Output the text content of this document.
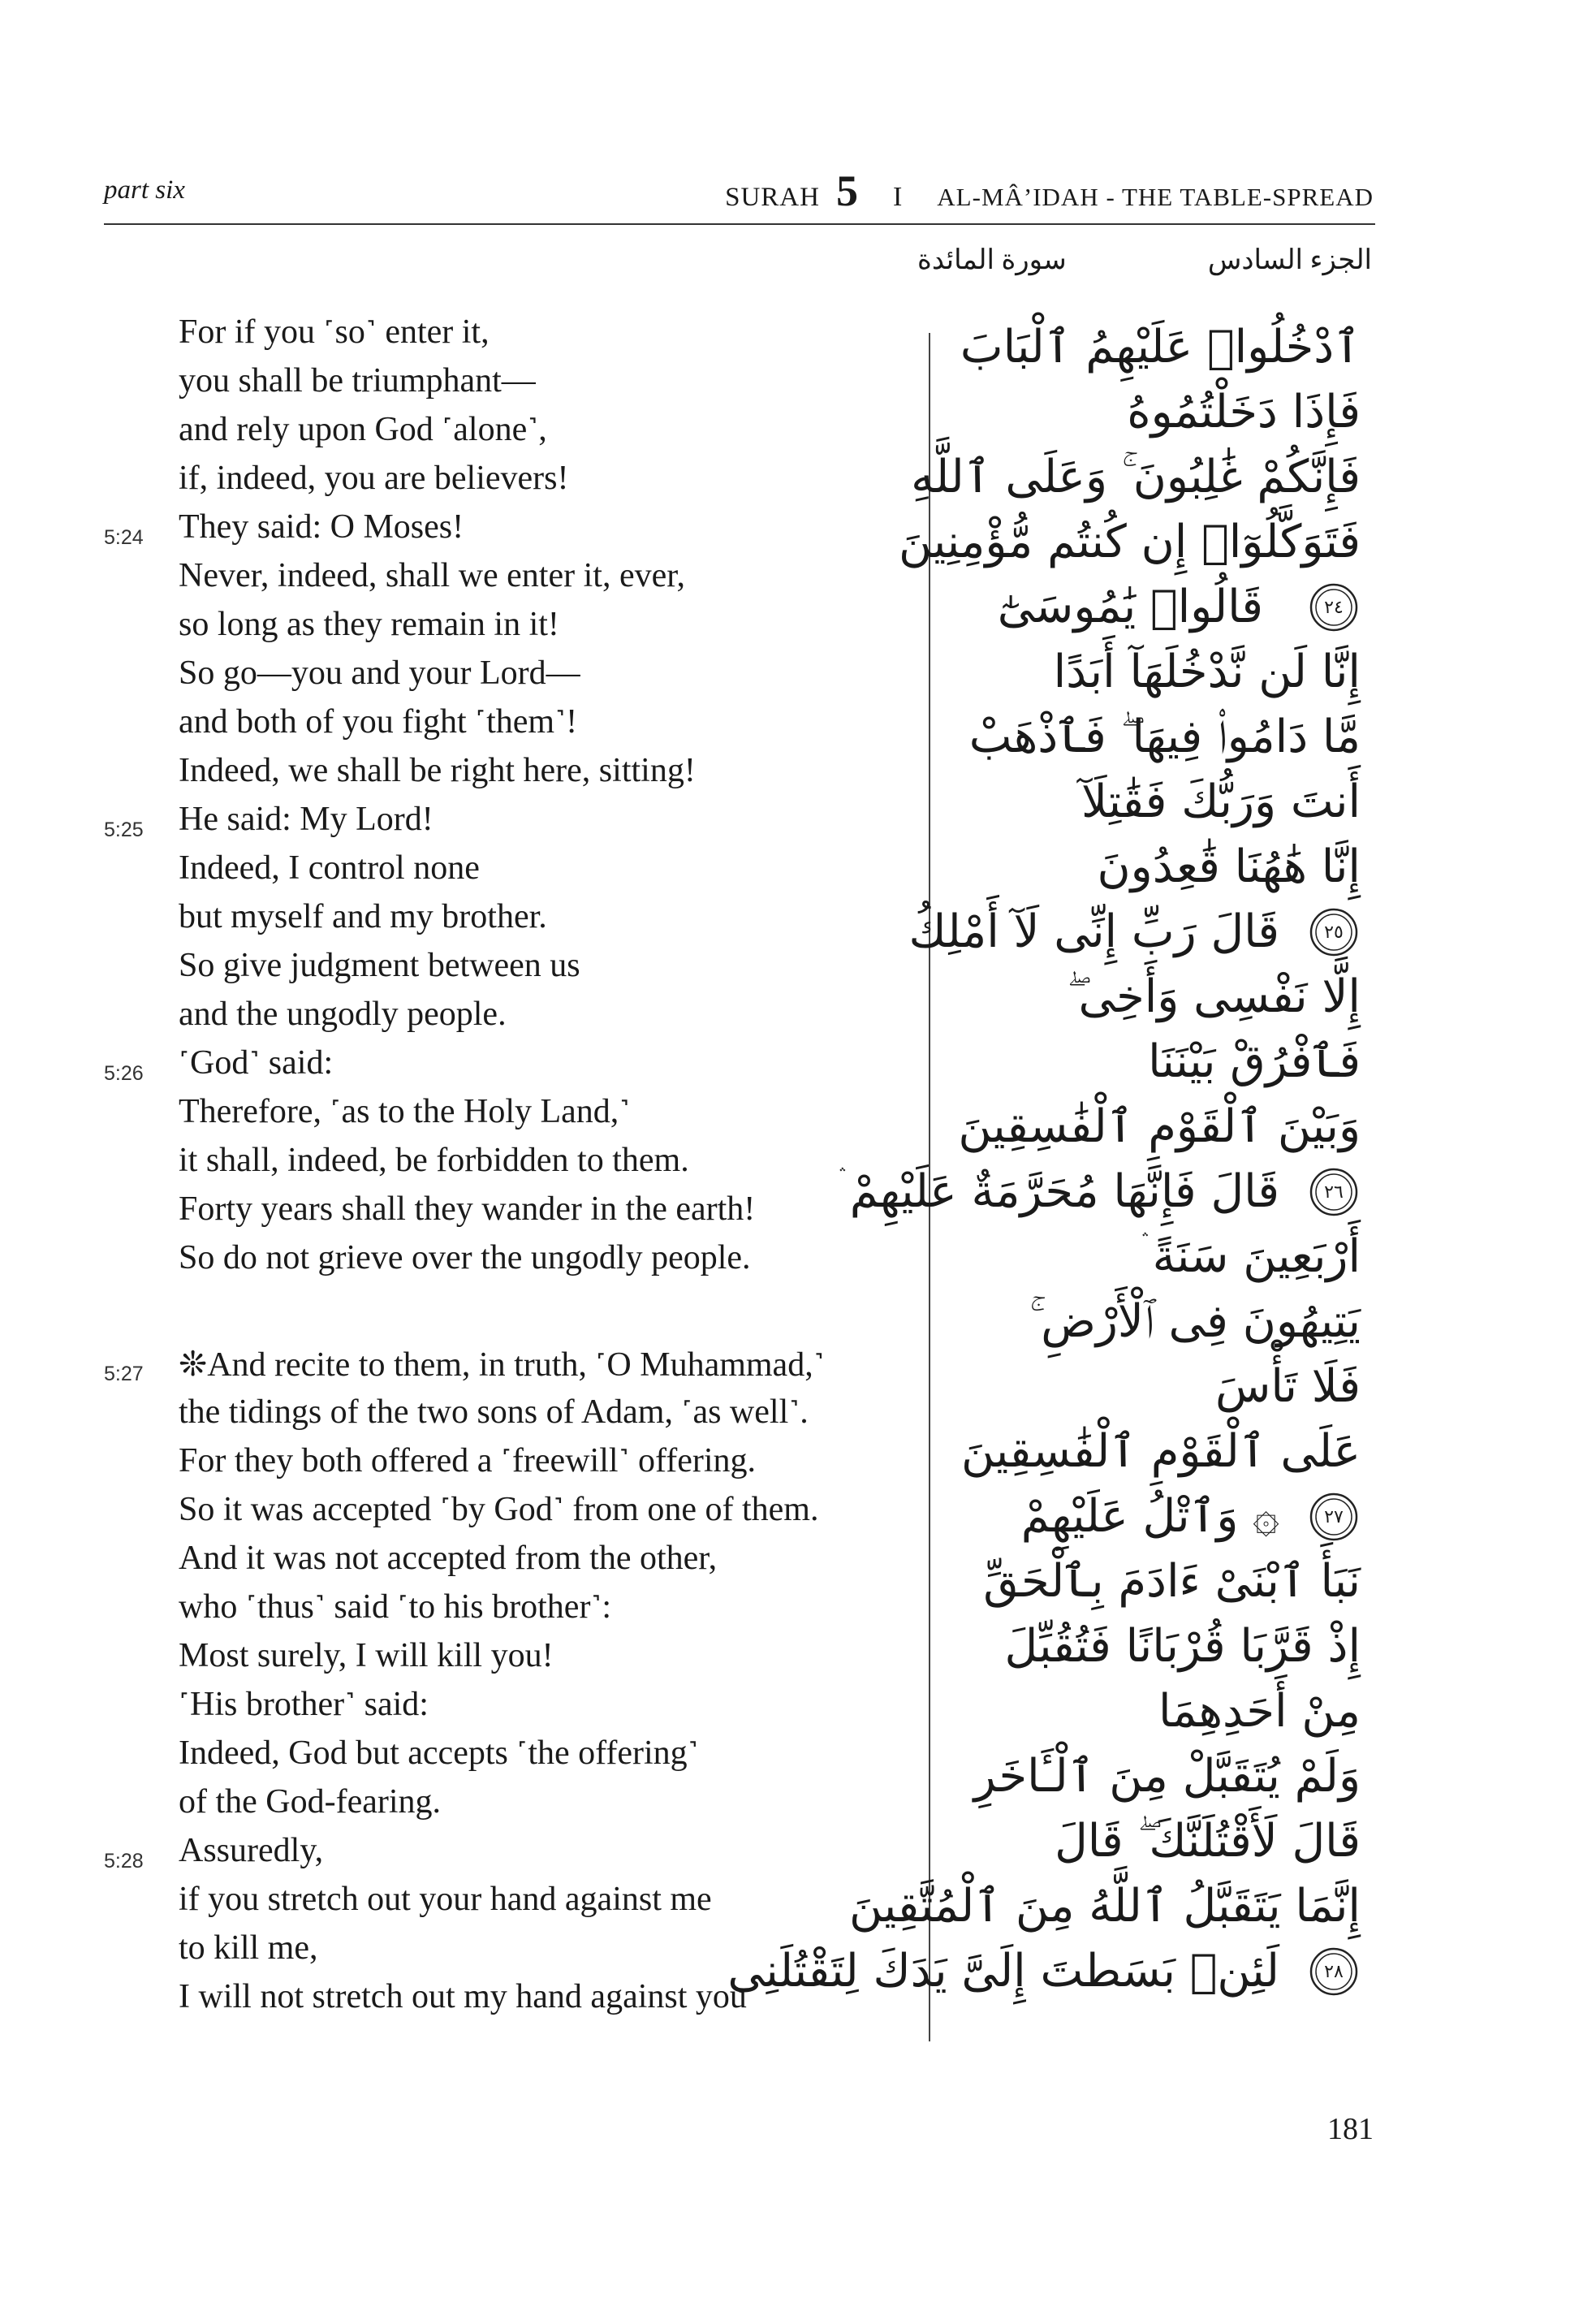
part six	SURAH 5 I AL-MÂ’IDAH - THE TABLE-SPREAD
الجزء السادس
سورة المائدة
For if you ˹so˺ enter it,
you shall be triumphant—
and rely upon God ˹alone˺,
if, indeed, you are believers!
They said: O Moses!
Never, indeed, shall we enter it, ever,
so long as they remain in it!
So go—you and your Lord—
and both of you fight ˹them˺!
Indeed, we shall be right here, sitting!
He said: My Lord!
Indeed, I control none
but myself and my brother.
So give judgment between us
and the ungodly people.
˹God˺ said:
Therefore, ˹as to the Holy Land,˺
it shall, indeed, be forbidden to them.
Forty years shall they wander in the earth!
So do not grieve over the ungodly people.
❊And recite to them, in truth, ˹O Muhammad,˺
the tidings of the two sons of Adam, ˹as well˺.
For they both offered a ˹freewill˺ offering.
So it was accepted ˹by God˺ from one of them.
And it was not accepted from the other,
who ˹thus˺ said ˹to his brother˺:
Most surely, I will kill you!
˹His brother˺ said:
Indeed, God but accepts ˹the offering˺
of the God-fearing.
Assuredly,
if you stretch out your hand against me
to kill me,
I will not stretch out my hand against you
5:24
5:25
5:26
5:27
5:28
ٱدْخُلُوا۟ عَلَيْهِمُ ٱلْبَابَ
فَإِذَا دَخَلْتُمُوهُ
فَإِنَّكُمْ غَٰلِبُونَ ۚ وَعَلَى ٱللَّهِ
فَتَوَكَّلُوٓا۟ إِن كُنتُم مُّؤْمِنِينَ
قَالُوا۟ يَٰمُوسَىٰٓ
إِنَّا لَن نَّدْخُلَهَآ أَبَدًا
مَّا دَامُوا۟ فِيهَا ۖ فَٱذْهَبْ
أَنتَ وَرَبُّكَ فَقَٰتِلَآ
إِنَّا هَٰهُنَا قَٰعِدُونَ
قَالَ رَبِّ إِنِّى لَآ أَمْلِكُ
إِلَّا نَفْسِى وَأَخِى ۖ
فَٱفْرُقْ بَيْنَنَا
وَبَيْنَ ٱلْقَوْمِ ٱلْفَٰسِقِينَ
قَالَ فَإِنَّهَا مُحَرَّمَةٌ عَلَيْهِمْ ۛ
أَرْبَعِينَ سَنَةً ۛ
يَتِيهُونَ فِى ٱلْأَرْضِ ۚ
فَلَا تَأْسَ
عَلَى ٱلْقَوْمِ ٱلْفَٰسِقِينَ
۞ وَٱتْلُ عَلَيْهِمْ
نَبَأَ ٱبْنَىْ ءَادَمَ بِٱلْحَقِّ
إِذْ قَرَّبَا قُرْبَانًا فَتُقُبِّلَ
مِنْ أَحَدِهِمَا
وَلَمْ يُتَقَبَّلْ مِنَ ٱلْـَٔاخَرِ
قَالَ لَأَقْتُلَنَّكَ ۖ قَالَ
إِنَّمَا يَتَقَبَّلُ ٱللَّهُ مِنَ ٱلْمُتَّقِينَ
لَئِنۢ بَسَطتَ إِلَىَّ يَدَكَ لِتَقْتُلَنِى
٢٤
٢٥
٢٦
٢٧
٢٨
181
